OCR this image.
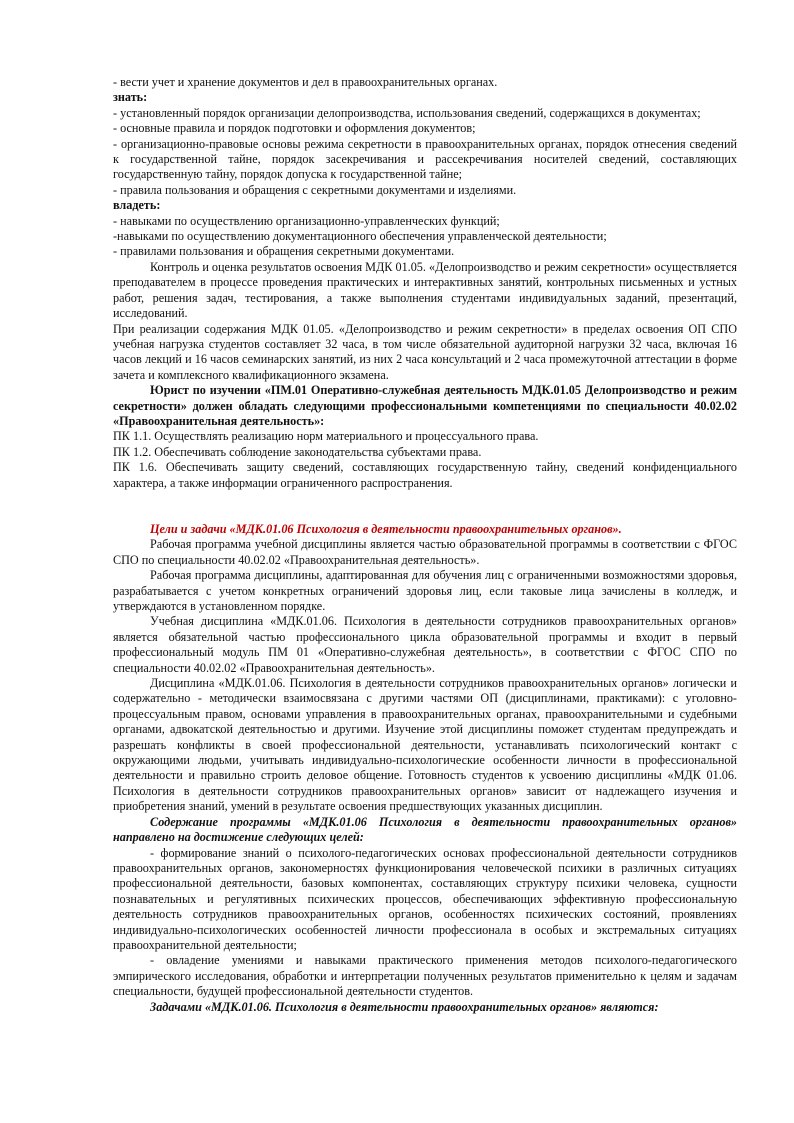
- вести учет и хранение документов и дел в правоохранительных органах.

знать:

- установленный порядок организации делопроизводства, использования сведений, содержащихся в документах;

- основные правила и порядок подготовки и оформления документов;

- организационно-правовые основы режима секретности в правоохранительных органах, порядок отнесения сведений к государственной тайне, порядок засекречивания и рассекречивания носителей сведений, составляющих государственную тайну, порядок допуска к государственной тайне;

- правила пользования и обращения с секретными документами и изделиями.

владеть:

- навыками по осуществлению организационно-управленческих функций;

-навыками по осуществлению документационного обеспечения управленческой деятельности;

- правилами пользования и обращения секретными документами.

Контроль и оценка результатов освоения МДК 01.05. «Делопроизводство и режим секретности» осуществляется преподавателем в процессе проведения практических и интерактивных занятий, контрольных письменных и устных работ, решения задач, тестирования, а также выполнения студентами индивидуальных заданий, презентаций, исследований.

При реализации содержания МДК 01.05. «Делопроизводство и режим секретности» в пределах освоения ОП СПО учебная нагрузка студентов составляет 32 часа, в том числе обязательной аудиторной нагрузки 32 часа, включая 16 часов лекций и 16 часов семинарских занятий, из них 2 часа консультаций и 2 часа промежуточной аттестации в форме зачета и комплексного квалификационного экзамена.

Юрист по изучении «ПМ.01 Оперативно-служебная деятельность МДК.01.05 Делопроизводство и режим секретности» должен обладать следующими профессиональными компетенциями по специальности 40.02.02 «Правоохранительная деятельность»:

ПК 1.1. Осуществлять реализацию норм материального и процессуального права.

ПК 1.2. Обеспечивать соблюдение законодательства субъектами права.

ПК 1.6. Обеспечивать защиту сведений, составляющих государственную тайну, сведений конфиденциального характера, а также информации ограниченного распространения.

Цели и задачи «МДК.01.06 Психология в деятельности правоохранительных органов».

Рабочая программа учебной дисциплины является частью образовательной программы в соответствии с ФГОС СПО по специальности 40.02.02 «Правоохранительная деятельность».

Рабочая программа дисциплины, адаптированная для обучения лиц с ограниченными возможностями здоровья, разрабатывается с учетом конкретных ограничений здоровья лиц, если таковые лица зачислены в колледж, и утверждаются в установленном порядке.

Учебная дисциплина «МДК.01.06. Психология в деятельности сотрудников правоохранительных органов» является обязательной частью профессионального цикла образовательной программы и входит в первый профессиональный модуль ПМ 01 «Оперативно-служебная деятельность», в соответствии с ФГОС СПО по специальности 40.02.02 «Правоохранительная деятельность».

Дисциплина «МДК.01.06. Психология в деятельности сотрудников правоохранительных органов» логически и содержательно - методически взаимосвязана с другими частями ОП (дисциплинами, практиками): с уголовно-процессуальным правом, основами управления в правоохранительных органах, правоохранительными и судебными органами, адвокатской деятельностью и другими. Изучение этой дисциплины поможет студентам предупреждать и разрешать конфликты в своей профессиональной деятельности, устанавливать психологический контакт с окружающими людьми, учитывать индивидуально-психологические особенности личности в профессиональной деятельности и правильно строить деловое общение. Готовность студентов к усвоению дисциплины «МДК 01.06. Психология в деятельности сотрудников правоохранительных органов» зависит от надлежащего изучения и приобретения знаний, умений в результате освоения предшествующих указанных дисциплин.

Содержание программы «МДК.01.06 Психология в деятельности правоохранительных органов» направлено на достижение следующих целей:

- формирование знаний о психолого-педагогических основах профессиональной деятельности сотрудников правоохранительных органов, закономерностях функционирования человеческой психики в различных ситуациях профессиональной деятельности, базовых компонентах, составляющих структуру психики человека, сущности познавательных и регулятивных психических процессов, обеспечивающих эффективную профессиональную деятельность сотрудников правоохранительных органов, особенностях психических состояний, проявлениях индивидуально-психологических особенностей личности профессионала в особых и экстремальных ситуациях правоохранительной деятельности;

- овладение умениями и навыками практического применения методов психолого-педагогического эмпирического исследования, обработки и интерпретации полученных результатов применительно к целям и задачам специальности, будущей профессиональной деятельности студентов.

Задачами «МДК.01.06. Психология в деятельности правоохранительных органов» являются:
